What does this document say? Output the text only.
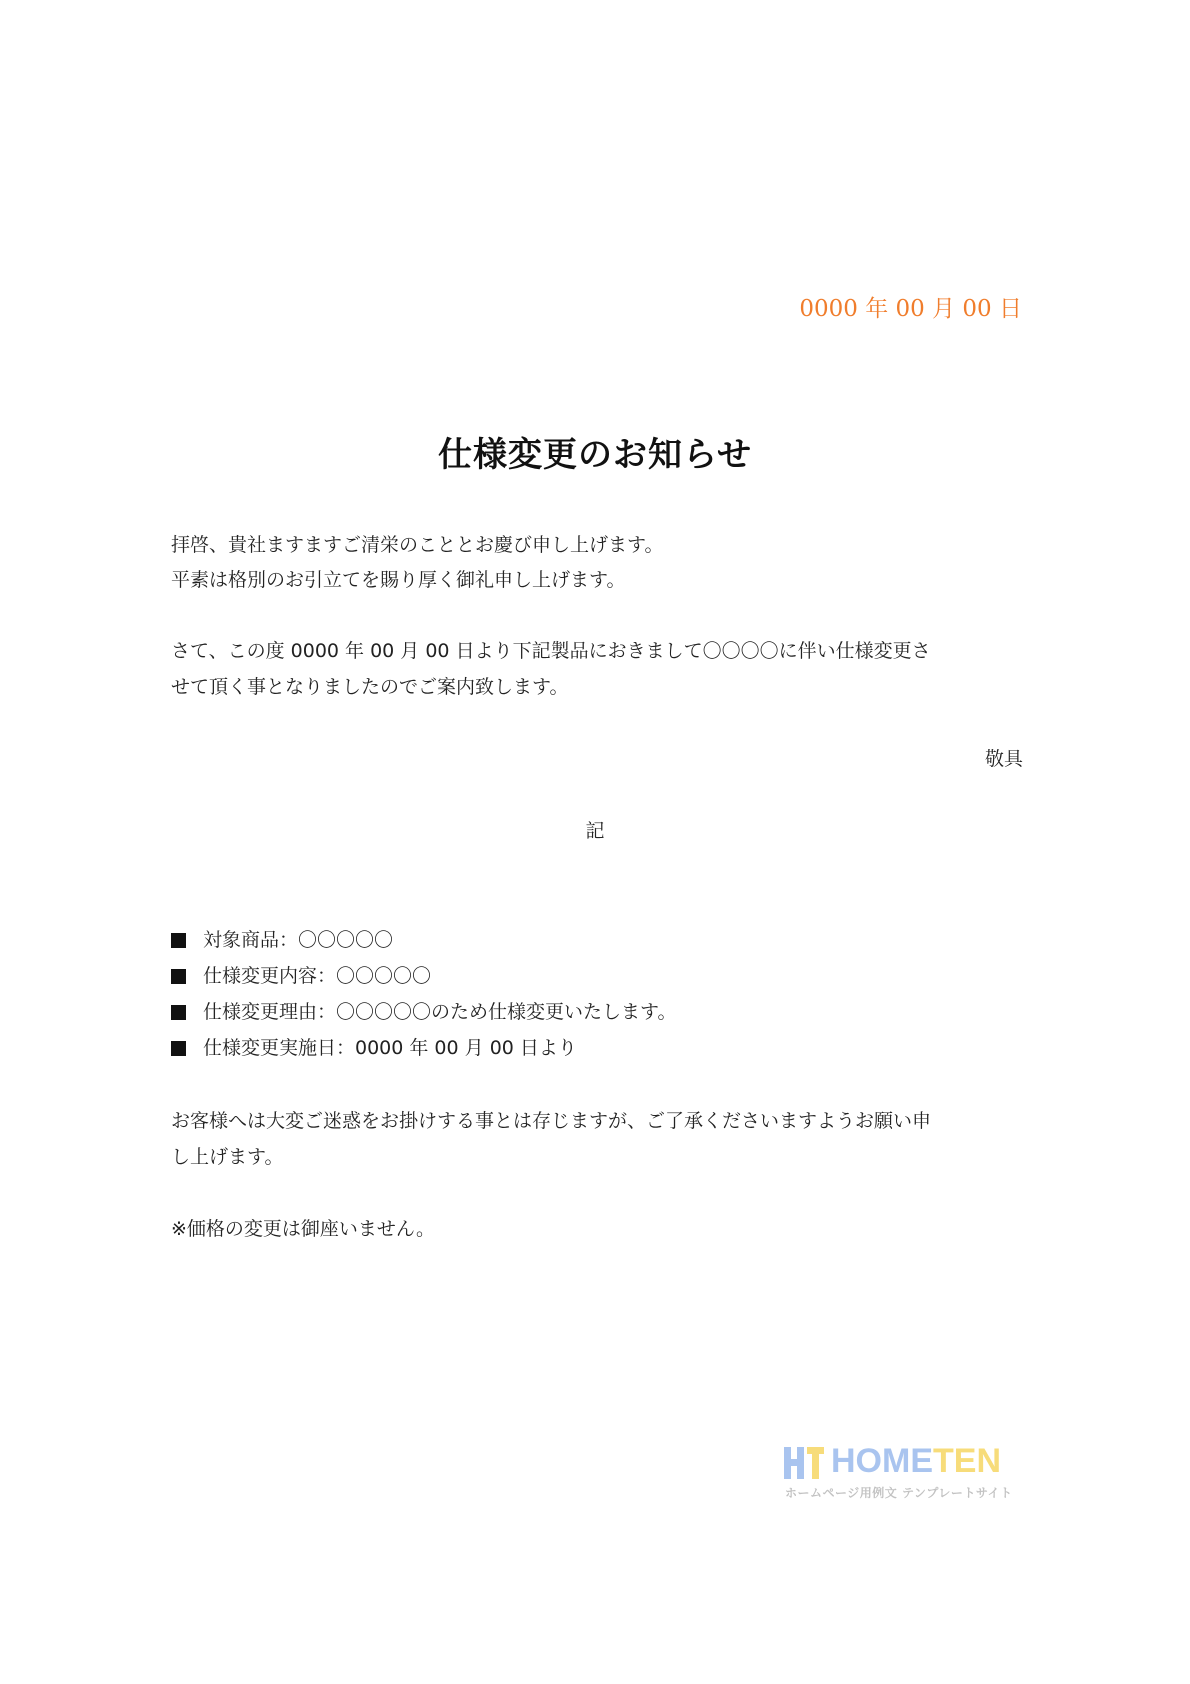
0000 年 00 月 00 日
仕様変更のお知らせ
拝啓、貴社ますますご清栄のこととお慶び申し上げます。
平素は格別のお引立てを賜り厚く御礼申し上げます。
さて、この度 0000 年 00 月 00 日より下記製品におきまして〇〇〇〇に伴い仕様変更さ
せて頂く事となりましたのでご案内致します。
敬具
記
対象商品：〇〇〇〇〇
仕様変更内容：〇〇〇〇〇
仕様変更理由：〇〇〇〇〇のため仕様変更いたします。
仕様変更実施日：0000 年 00 月 00 日より
お客様へは大変ご迷惑をお掛けする事とは存じますが、ご了承くださいますようお願い申
し上げます。
※価格の変更は御座いません。
HOMETEN
ホームページ用例文 テンプレートサイト
